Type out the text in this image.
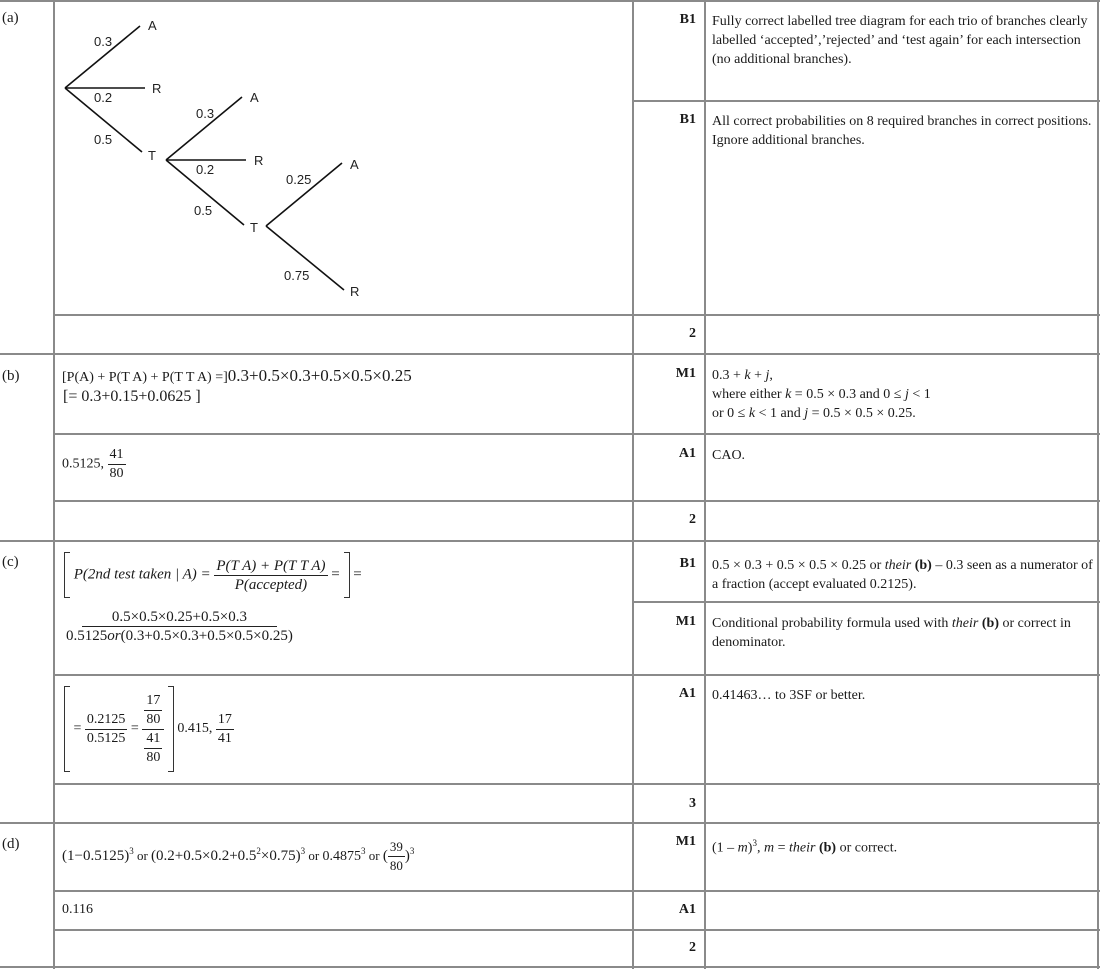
(a)
(b)
(c)
(d)
0.3
A
0.2
R
0.5
T
0.3
A
0.2
R
0.5
T
0.25
A
0.75
R
B1 Fully correct labelled tree diagram for each trio of branches clearly labelled ‘accepted’,’rejected’ and ‘test again’ for each intersection (no additional branches).
B1 All correct probabilities on 8 required branches in correct positions.
Ignore additional branches.
2
[P(A) + P(T A) + P(T T A) =]0.3+0.5×0.3+0.5×0.5×0.25
[= 0.3+0.15+0.0625 ]
M1 0.3 + k + j,
where either k = 0.5 × 0.3 and 0 ≤ j < 1
or 0 ≤ k < 1 and j = 0.5 × 0.5 × 0.25.
0.5125, $\frac{41}{80}$	A1 CAO.
2
P(2nd test taken | $A) = \frac{\text{P(T A) + P(T T A)}}{\text{P(accepted)}}$ = =
$\frac{0.5\times 0.5\times 0.25+0.5\times 0.3}{0.5125or(0.3+0.5\times 0.3+0.5\times 0.5\times 0.25)}$
B1 0.5 × 0.3 + 0.5 × 0.5 × 0.25 or their (b) – 0.3 seen as a numerator of a fraction (accept evaluated 0.2125).
M1 Conditional probability formula used with their (b) or correct in denominator.
= $\frac{0.2125}{0.5125} = \frac{\frac{17}{80}}{\frac{41}{80}} 0.415$, $\frac{17}{41}$
A1 0.41463… to 3SF or better.
3
$(1-0.5125)^3$ or $(0.2+0.5\times 0.2+0.5^2\times 0.75)^3$ or 0.4875$^3$ or ( $\frac{39}{80} )^3$
M1 (1 – m)$^3$, m = their (b) or correct.
0.116	A1
2
